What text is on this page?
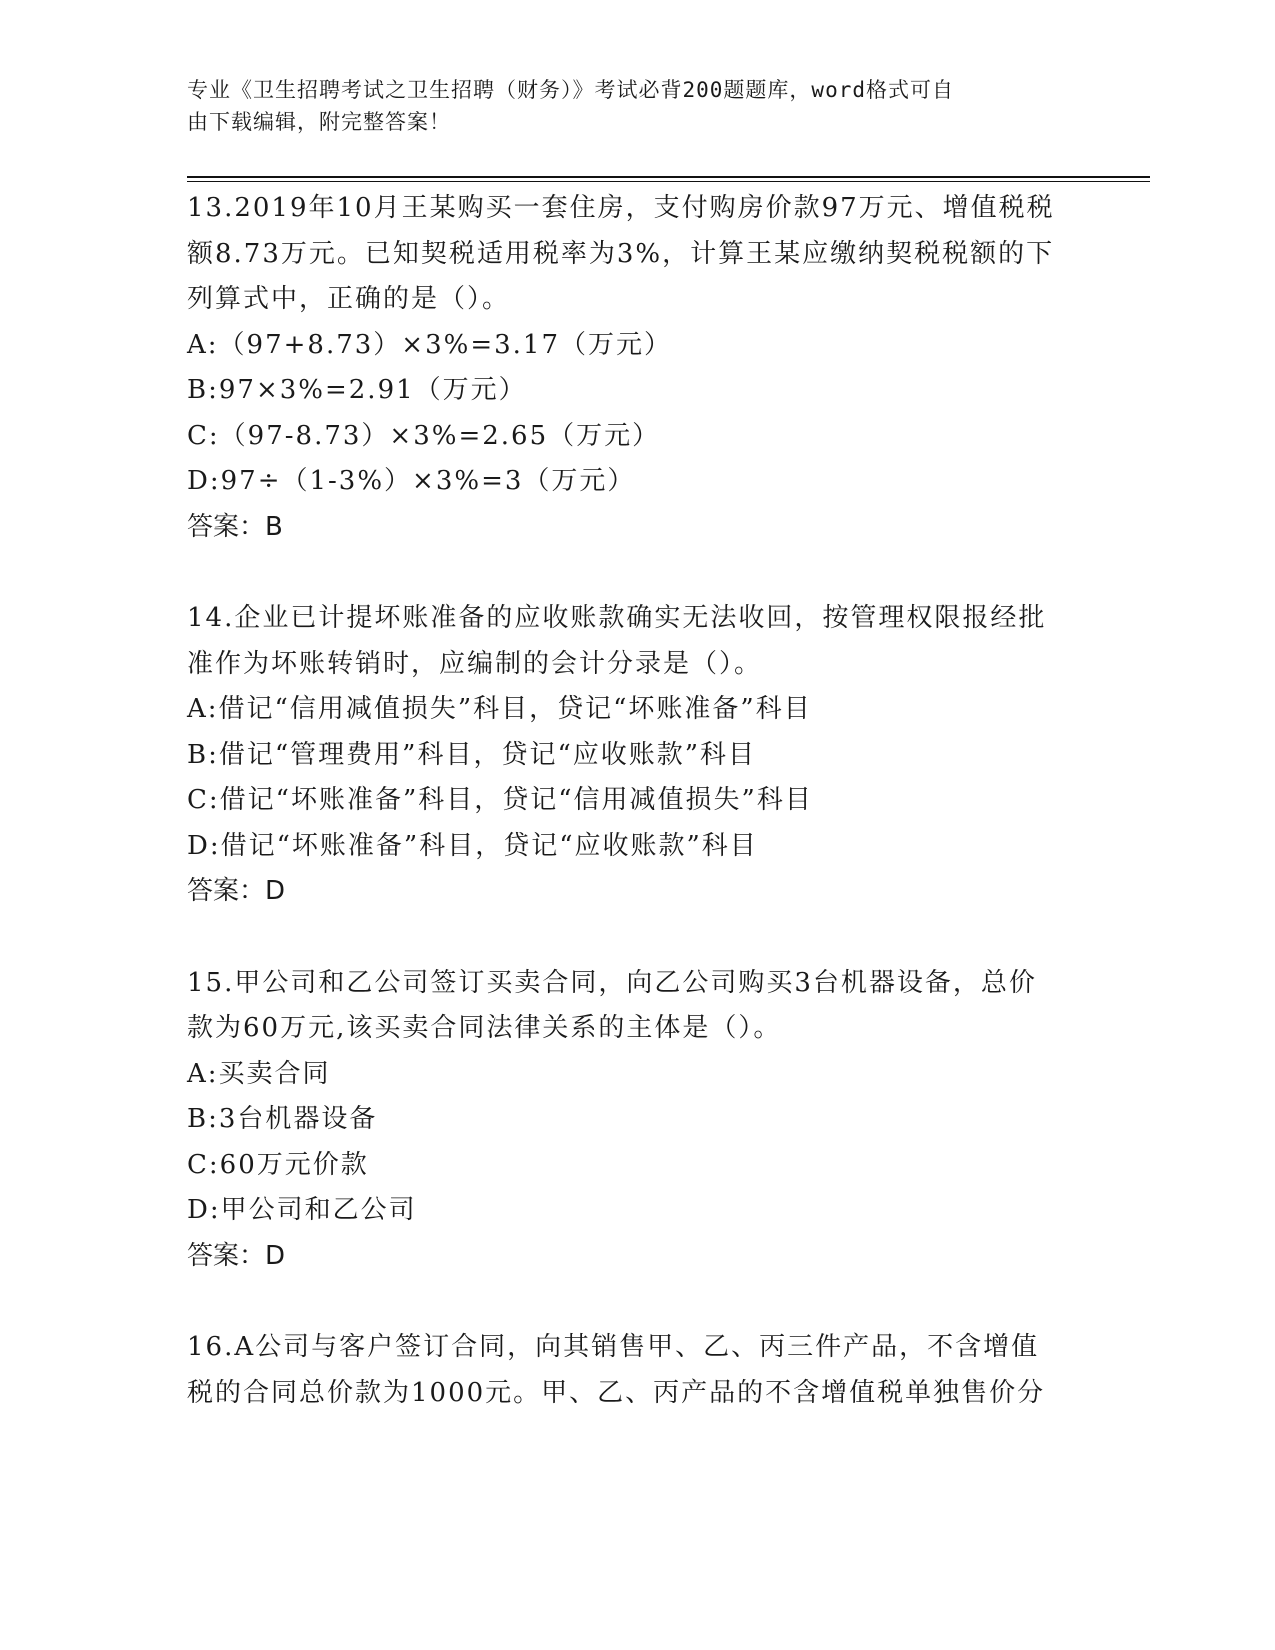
专业《卫生招聘考试之卫生招聘（财务）》考试必背200题题库，word格式可自
由下载编辑，附完整答案！
13.2019年10月王某购买一套住房，支付购房价款97万元、增值税税
额8.73万元。已知契税适用税率为3%，计算王某应缴纳契税税额的下
列算式中，正确的是（）。
A:（97+8.73）×3%=3.17（万元）
B:97×3%=2.91（万元）
C:（97-8.73）×3%=2.65（万元）
D:97÷（1-3%）×3%=3（万元）
答案：B
14.企业已计提坏账准备的应收账款确实无法收回，按管理权限报经批
准作为坏账转销时，应编制的会计分录是（）。
A:借记“信用减值损失”科目，贷记“坏账准备”科目
B:借记“管理费用”科目，贷记“应收账款”科目
C:借记“坏账准备”科目，贷记“信用减值损失”科目
D:借记“坏账准备”科目，贷记“应收账款”科目
答案：D
15.甲公司和乙公司签订买卖合同，向乙公司购买3台机器设备，总价
款为60万元,该买卖合同法律关系的主体是（）。
A:买卖合同
B:3台机器设备
C:60万元价款
D:甲公司和乙公司
答案：D
16.A公司与客户签订合同，向其销售甲、乙、丙三件产品，不含增值
税的合同总价款为1000元。甲、乙、丙产品的不含增值税单独售价分
